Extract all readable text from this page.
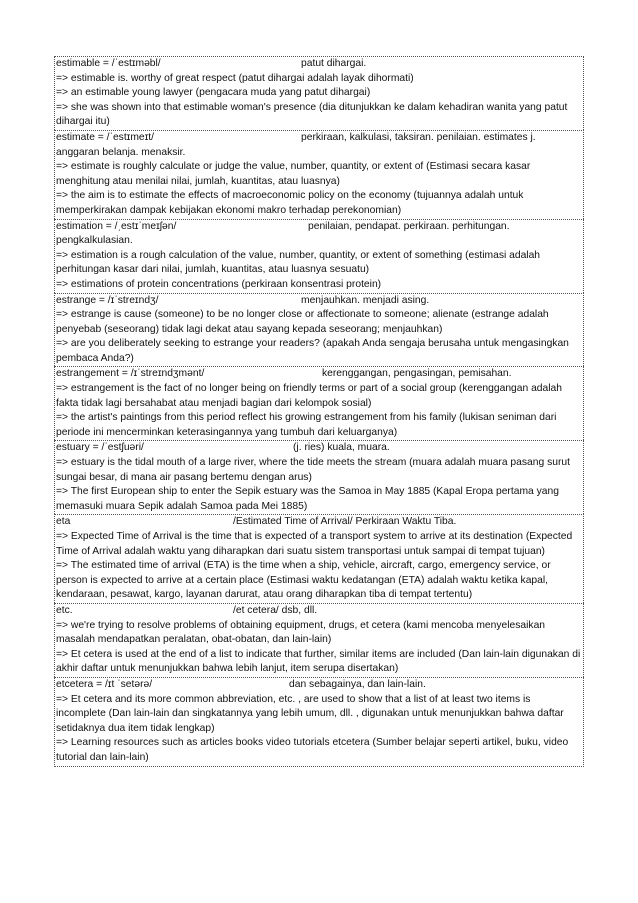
estimable = /ˈestɪməbl/	patut dihargai.
=> estimable is. worthy of great respect (patut dihargai adalah layak dihormati)
=> an estimable young lawyer (pengacara muda yang patut dihargai)
=> she was shown into that estimable woman's presence (dia ditunjukkan ke dalam kehadiran wanita yang patut dihargai itu)
estimate = /ˈestɪmeɪt/	perkiraan, kalkulasi, taksiran. penilaian. estimates j.
anggaran belanja. menaksir.
=> estimate is roughly calculate or judge the value, number, quantity, or extent of (Estimasi secara kasar menghitung atau menilai nilai, jumlah, kuantitas, atau luasnya)
=> the aim is to estimate the effects of macroeconomic policy on the economy (tujuannya adalah untuk memperkirakan dampak kebijakan ekonomi makro terhadap perekonomian)
estimation = /ˌestɪˈmeɪʃən/	penilaian, pendapat. perkiraan. perhitungan.
pengkalkulasian.
=> estimation is a rough calculation of the value, number, quantity, or extent of something (estimasi adalah perhitungan kasar dari nilai, jumlah, kuantitas, atau luasnya sesuatu)
=> estimations of protein concentrations (perkiraan konsentrasi protein)
estrange = /ɪˈstreɪndʒ/	menjauhkan. menjadi asing.
=> estrange is cause (someone) to be no longer close or affectionate to someone; alienate (estrange adalah penyebab (seseorang) tidak lagi dekat atau sayang kepada seseorang; menjauhkan)
=> are you deliberately seeking to estrange your readers? (apakah Anda sengaja berusaha untuk mengasingkan pembaca Anda?)
estrangement = /ɪˈstreɪndʒmənt/	kerenggangan, pengasingan, pemisahan.
=> estrangement is the fact of no longer being on friendly terms or part of a social group (kerenggangan adalah fakta tidak lagi bersahabat atau menjadi bagian dari kelompok sosial)
=> the artist's paintings from this period reflect his growing estrangement from his family (lukisan seniman dari periode ini mencerminkan keterasingannya yang tumbuh dari keluarganya)
estuary = /ˈestʃuəri/	(j. ries) kuala, muara.
=> estuary is the tidal mouth of a large river, where the tide meets the stream (muara adalah muara pasang surut sungai besar, di mana air pasang bertemu dengan arus)
=> The first European ship to enter the Sepik estuary was the Samoa in May 1885 (Kapal Eropa pertama yang memasuki muara Sepik adalah Samoa pada Mei 1885)
eta	/Estimated Time of Arrival/ Perkiraan Waktu Tiba.
=> Expected Time of Arrival is the time that is expected of a transport system to arrive at its destination (Expected Time of Arrival adalah waktu yang diharapkan dari suatu sistem transportasi untuk sampai di tempat tujuan)
=> The estimated time of arrival (ETA) is the time when a ship, vehicle, aircraft, cargo, emergency service, or person is expected to arrive at a certain place (Estimasi waktu kedatangan (ETA) adalah waktu ketika kapal, kendaraan, pesawat, kargo, layanan darurat, atau orang diharapkan tiba di tempat tertentu)
etc.	/et cetera/ dsb, dll.
=> we're trying to resolve problems of obtaining equipment, drugs, et cetera (kami mencoba menyelesaikan masalah mendapatkan peralatan, obat-obatan, dan lain-lain)
=> Et cetera is used at the end of a list to indicate that further, similar items are included (Dan lain-lain digunakan di akhir daftar untuk menunjukkan bahwa lebih lanjut, item serupa disertakan)
etcetera = /ɪt ˈsetərə/	dan sebagainya, dan lain-lain.
=> Et cetera and its more common abbreviation, etc. , are used to show that a list of at least two items is incomplete (Dan lain-lain dan singkatannya yang lebih umum, dll. , digunakan untuk menunjukkan bahwa daftar setidaknya dua item tidak lengkap)
=> Learning resources such as articles books video tutorials etcetera (Sumber belajar seperti artikel, buku, video tutorial dan lain-lain)
